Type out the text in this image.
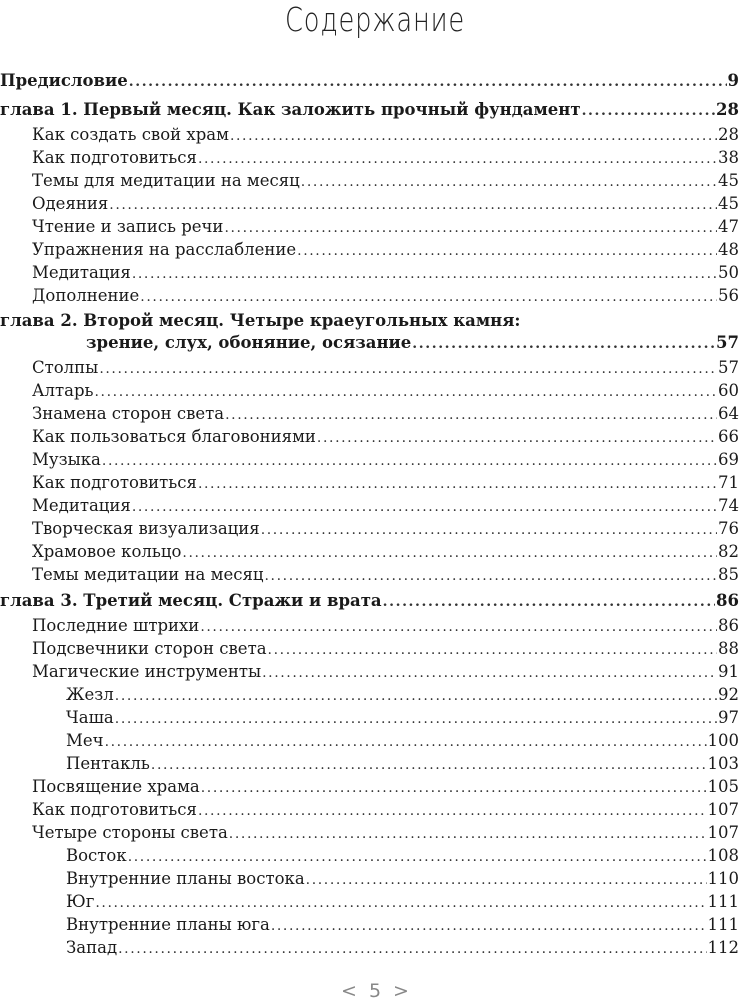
Содержание
Предисловие .....	9
глава 1. Первый месяц. Как заложить прочный фундамент .....	28
Как создать свой храм .....	28
Как подготовиться .....	38
Темы для медитации на месяц .....	45
Одеяния .....	45
Чтение и запись речи .....	47
Упражнения на расслабление .....	48
Медитация .....	50
Дополнение .....	56
глава 2. Второй месяц. Четыре краеугольных камня:
зрение, слух, обоняние, осязание .....	57
Столпы .....	57
Алтарь .....	60
Знамена сторон света .....	64
Как пользоваться благовониями .....	66
Музыка .....	69
Как подготовиться .....	71
Медитация .....	74
Творческая визуализация .....	76
Храмовое кольцо .....	82
Темы медитации на месяц .....	85
глава 3. Третий месяц. Стражи и врата .....	86
Последние штрихи .....	86
Подсвечники сторон света .....	88
Магические инструменты .....	91
Жезл .....	92
Чаша .....	97
Меч .....	100
Пентакль .....	103
Посвящение храма .....	105
Как подготовиться .....	107
Четыре стороны света .....	107
Восток .....	108
Внутренние планы востока .....	110
Юг .....	111
Внутренние планы юга .....	111
Запад .....	112
< 5 >
